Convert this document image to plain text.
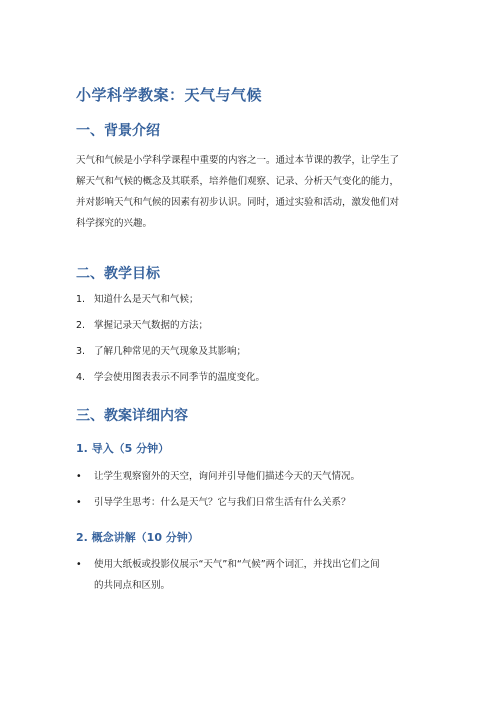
小学科学教案：天气与气候
一、背景介绍
天气和气候是小学科学课程中重要的内容之一。通过本节课的教学，让学生了
解天气和气候的概念及其联系，培养他们观察、记录、分析天气变化的能力，
并对影响天气和气候的因素有初步认识。同时，通过实验和活动，激发他们对
科学探究的兴趣。
二、教学目标
1. 知道什么是天气和气候；
2. 掌握记录天气数据的方法；
3. 了解几种常见的天气现象及其影响；
4. 学会使用图表表示不同季节的温度变化。
三、教案详细内容
1. 导入（5 分钟）
• 让学生观察窗外的天空，询问并引导他们描述今天的天气情况。
• 引导学生思考：什么是天气？它与我们日常生活有什么关系？
2. 概念讲解（10 分钟）
• 使用大纸板或投影仪展示“天气”和“气候”两个词汇，并找出它们之间
的共同点和区别。
